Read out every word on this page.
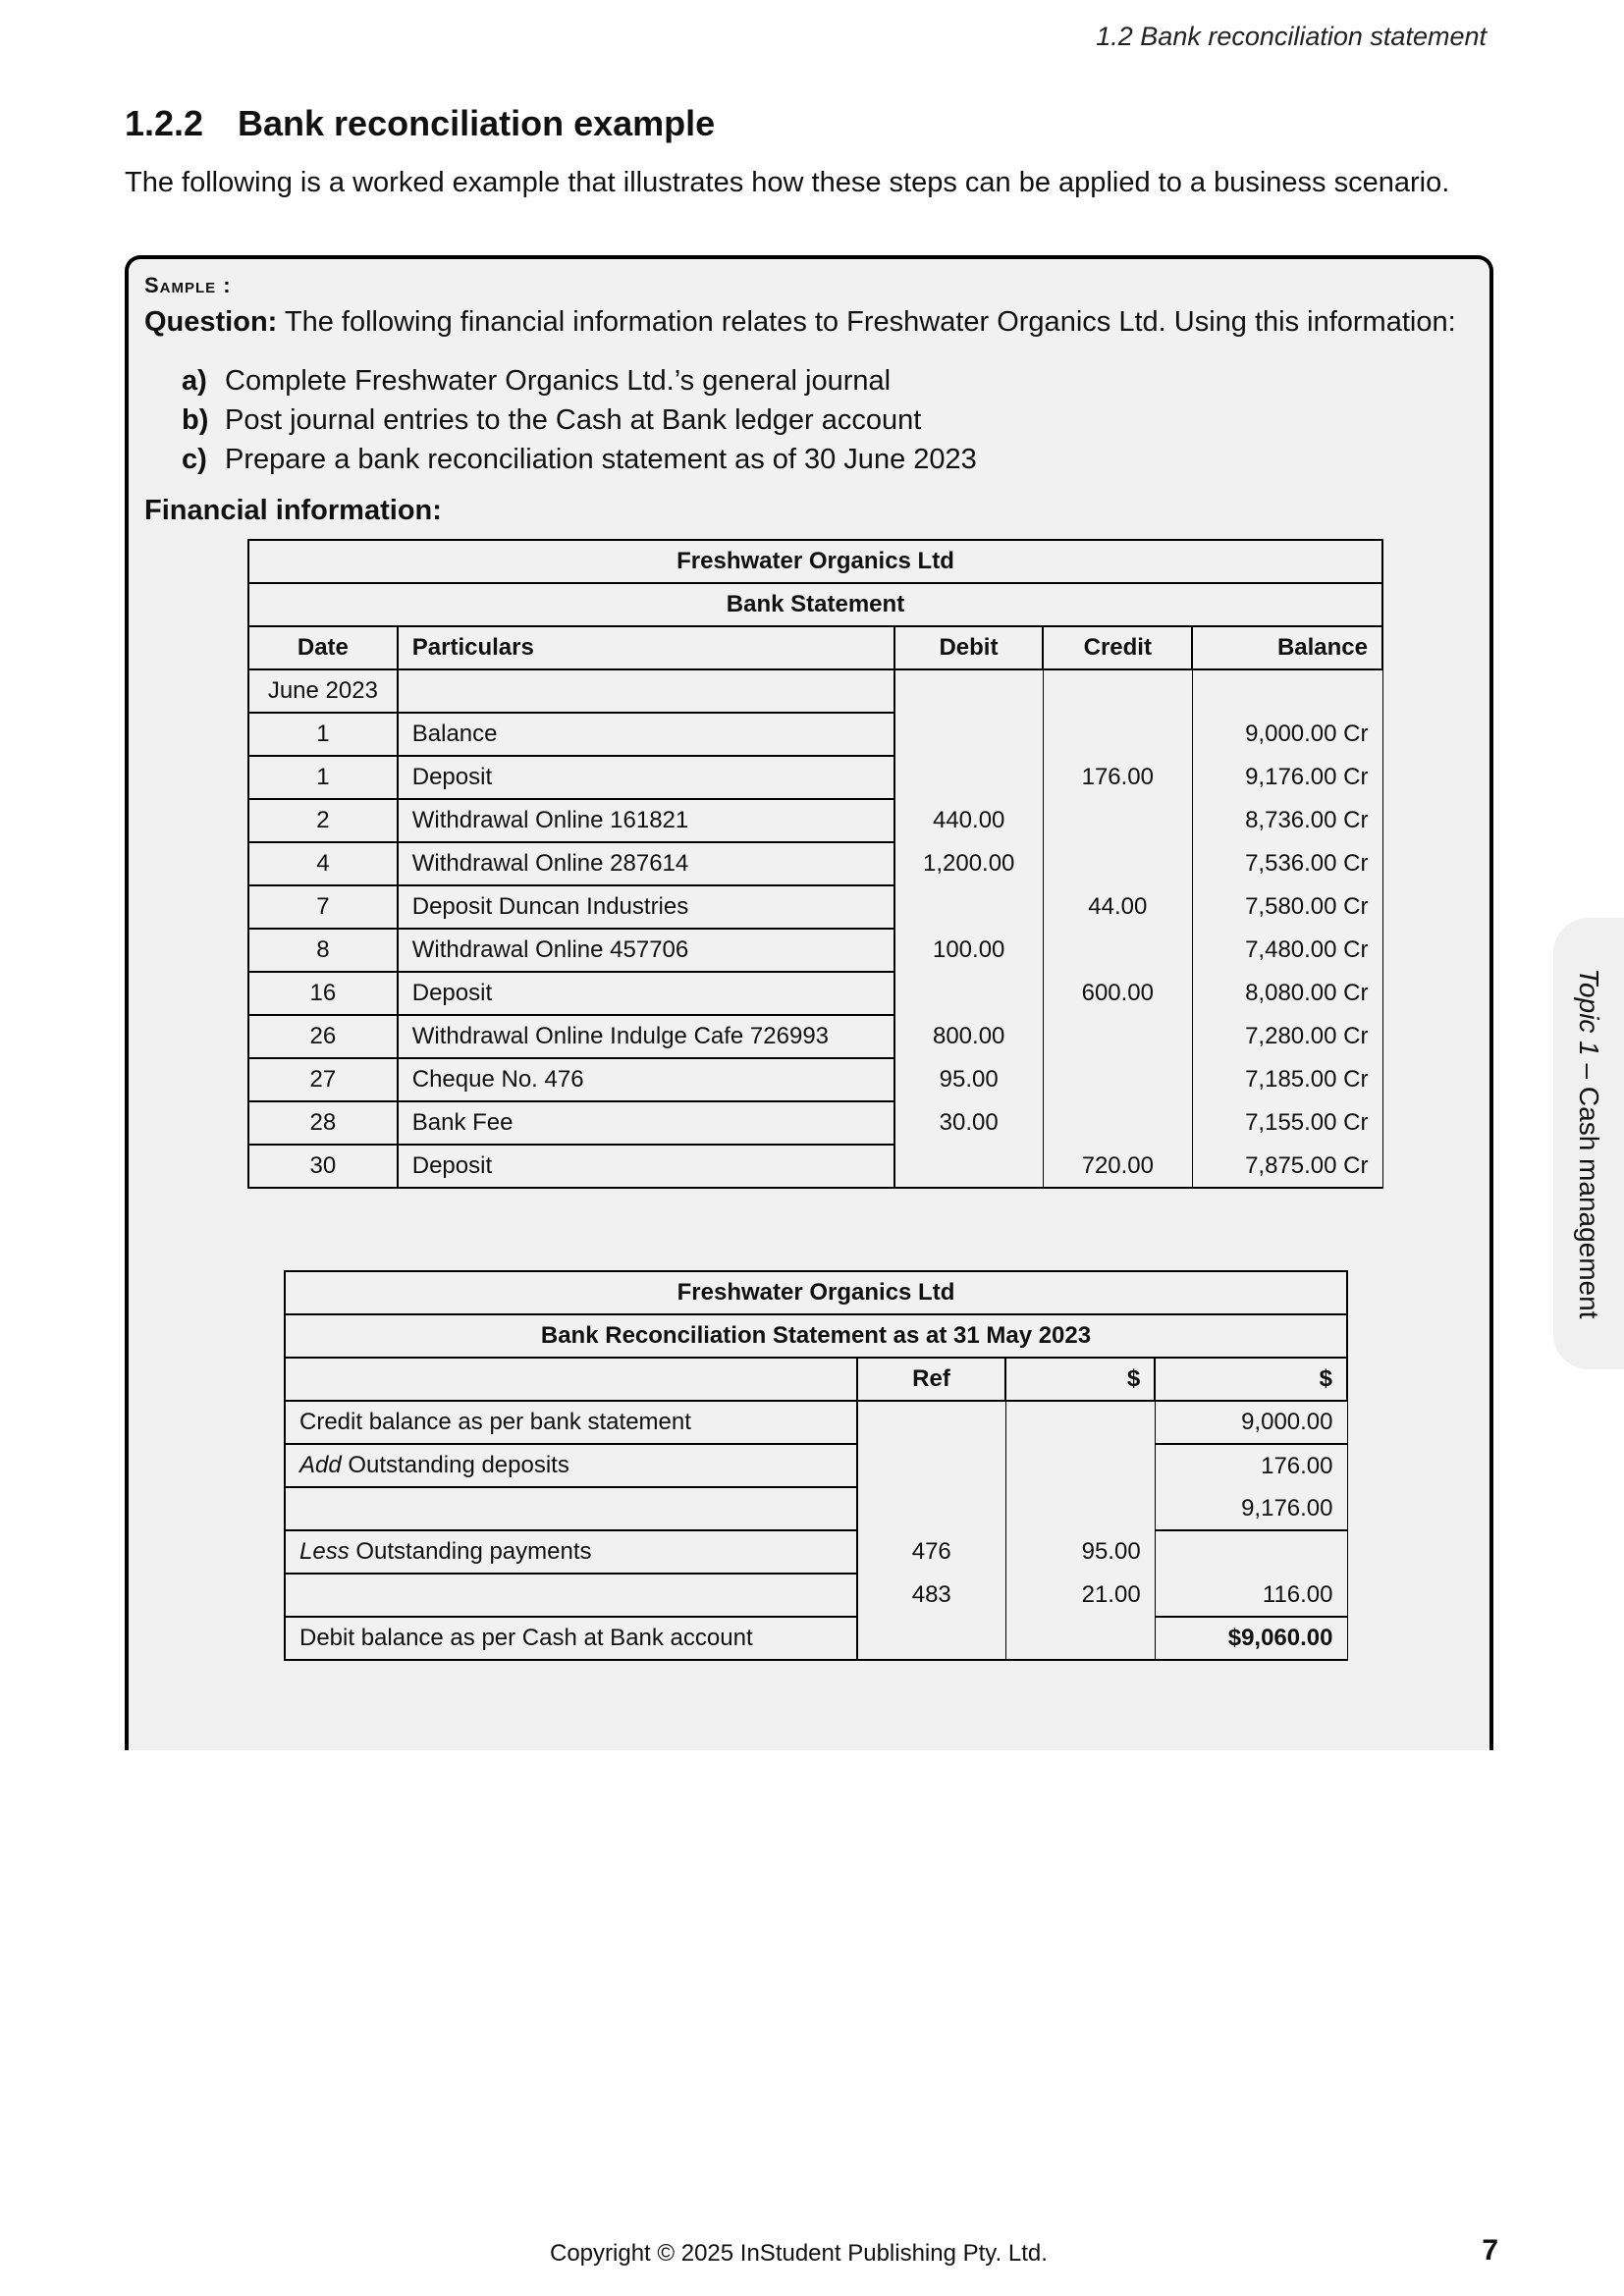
1.2 Bank reconciliation statement
1.2.2 Bank reconciliation example

The following is a worked example that illustrates how these steps can be applied to a business scenario.

Sample :
Question: The following financial information relates to Freshwater Organics Ltd. Using this information:
a) Complete Freshwater Organics Ltd.’s general journal
b) Post journal entries to the Cash at Bank ledger account
c) Prepare a bank reconciliation statement as of 30 June 2023
Financial information:
Freshwater Organics Ltd				
Bank Statement				
Date	Particulars	Debit	Credit	Balance
June 2023				
1	Balance			9,000.00 Cr
1	Deposit		176.00	9,176.00 Cr
2	Withdrawal Online 161821	440.00		8,736.00 Cr
4	Withdrawal Online 287614	1,200.00		7,536.00 Cr
7	Deposit Duncan Industries		44.00	7,580.00 Cr
8	Withdrawal Online 457706	100.00		7,480.00 Cr
16	Deposit		600.00	8,080.00 Cr
26	Withdrawal Online Indulge Cafe 726993	800.00		7,280.00 Cr
27	Cheque No. 476	95.00		7,185.00 Cr
28	Bank Fee	30.00		7,155.00 Cr
30	Deposit		720.00	7,875.00 Cr
Freshwater Organics Ltd			
Bank Reconciliation Statement as at 31 May 2023			
	Ref	$	$
Credit balance as per bank statement			9,000.00
Add Outstanding deposits			176.00
			9,176.00
Less Outstanding payments	476	95.00	
	483	21.00	116.00
Debit balance as per Cash at Bank account			$9,060.00
Topic 1 – Cash management
Copyright © 2025 InStudent Publishing Pty. Ltd.	7
